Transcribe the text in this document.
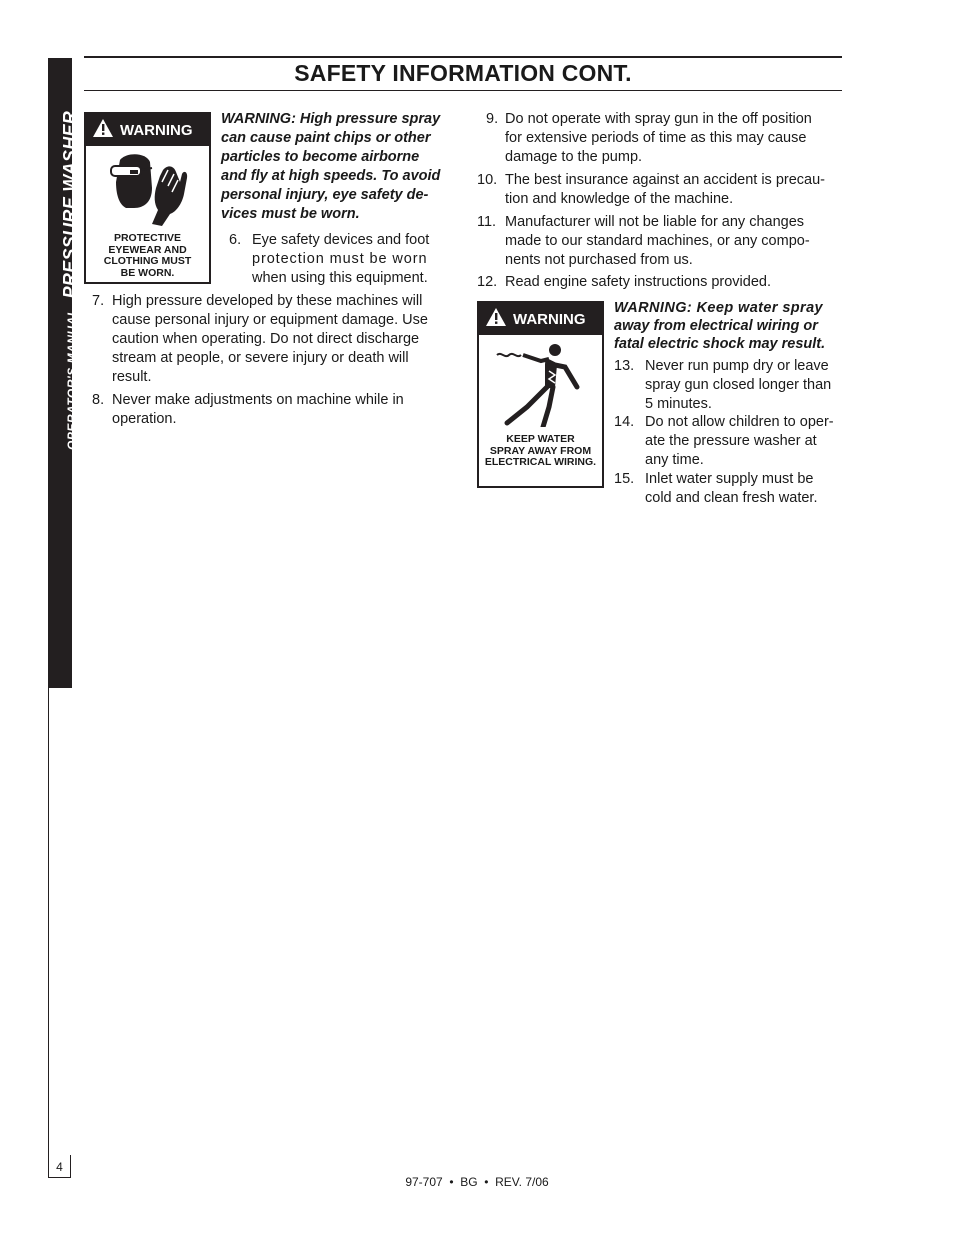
OPERATOR'S MANUALPRESSURE WASHER
4
SAFETY INFORMATION CONT.
WARNING
PROTECTIVE
EYEWEAR AND
CLOTHING MUST
BE WORN.
WARNING: High pressure spray
can cause paint chips or other
particles to become airborne
and fly at high speeds. To avoid
personal injury, eye safety de-
vices must be worn.
6. Eye safety devices and foot
protection must be worn
when using this equipment.
7. High pressure developed by these machines will
cause personal injury or equipment damage. Use
caution when operating. Do not direct discharge
stream at people, or severe injury or death will
result.
8. Never make adjustments on machine while in
operation.
9. Do not operate with spray gun in the off position
for extensive periods of time as this may cause
damage to the pump.
10. The best insurance against an accident is precau-
tion and knowledge of the machine.
11. Manufacturer will not be liable for any changes
made to our standard machines, or any compo-
nents not purchased from us.
12. Read engine safety instructions provided.
WARNING
KEEP WATER
SPRAY AWAY FROM
ELECTRICAL WIRING.
WARNING: Keep water spray
away from electrical wiring or
fatal electric shock may result.
13. Never run pump dry or leave
spray gun closed longer than
5 minutes.
14. Do not allow children to oper-
ate the pressure washer at
any time.
15. Inlet water supply must be
cold and clean fresh water.
97-707  •  BG  •  REV. 7/06
